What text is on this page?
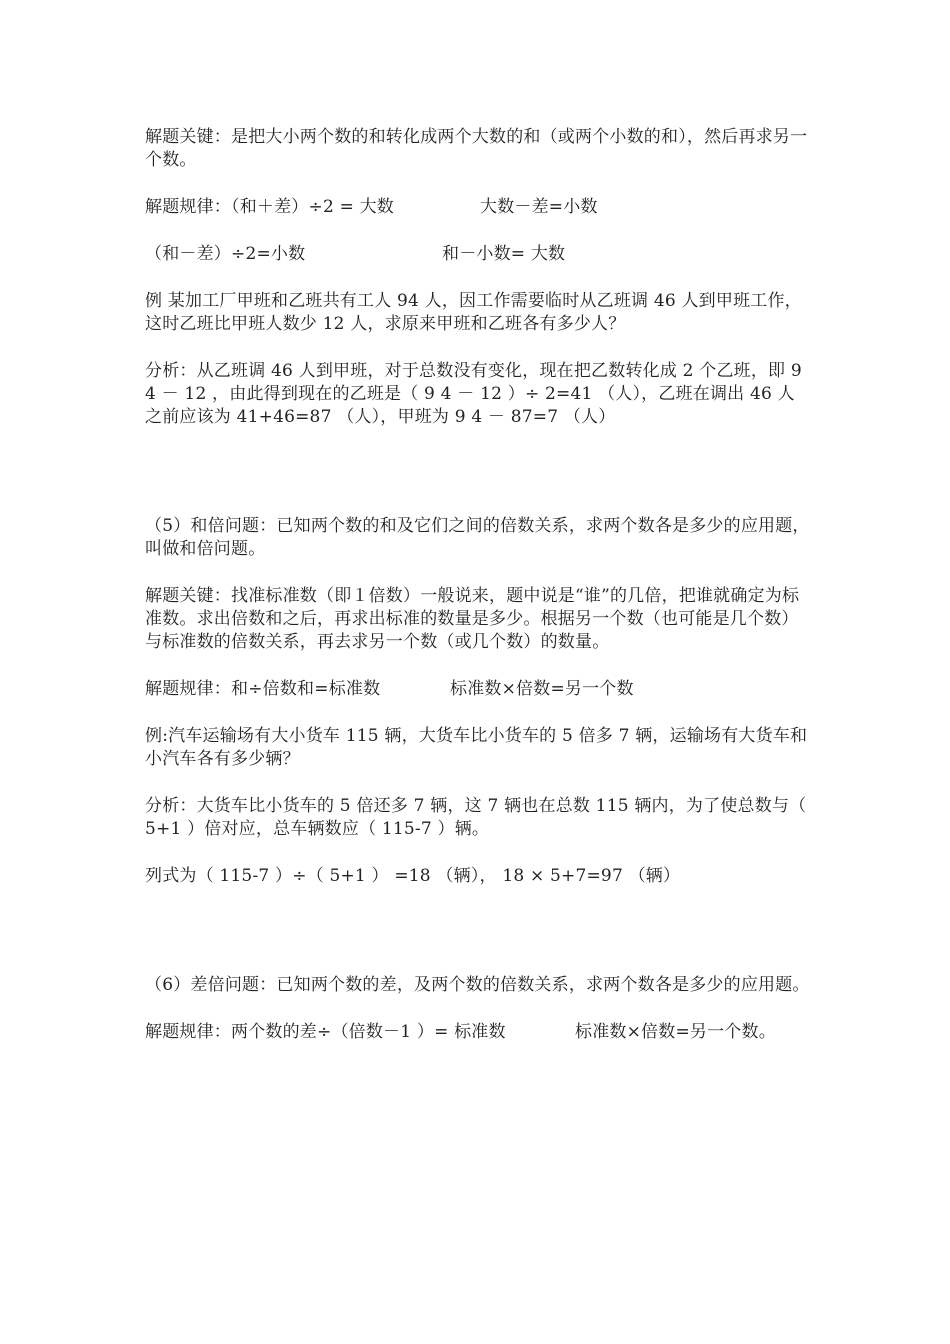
解题关键：是把大小两个数的和转化成两个大数的和（或两个小数的和），然后再求另一个数。

解题规律：（和＋差）÷2 = 大数	大数－差=小数

（和－差）÷2=小数	和－小数= 大数

例 某加工厂甲班和乙班共有工人 94 人，因工作需要临时从乙班调 46 人到甲班工作，这时乙班比甲班人数少 12 人，求原来甲班和乙班各有多少人？

分析：从乙班调 46 人到甲班，对于总数没有变化，现在把乙数转化成 2 个乙班，即 9 4 － 12 ，由此得到现在的乙班是（ 9 4 － 12 ）÷ 2=41 （人），乙班在调出 46 人之前应该为 41+46=87 （人），甲班为 9 4 － 87=7 （人）

（5）和倍问题：已知两个数的和及它们之间的倍数关系，求两个数各是多少的应用题，叫做和倍问题。

解题关键：找准标准数（即１倍数）一般说来，题中说是“谁”的几倍，把谁就确定为标准数。求出倍数和之后，再求出标准的数量是多少。根据另一个数（也可能是几个数）与标准数的倍数关系，再去求另一个数（或几个数）的数量。

解题规律：和÷倍数和=标准数	标准数×倍数=另一个数

例:汽车运输场有大小货车 115 辆，大货车比小货车的 5 倍多 7 辆，运输场有大货车和小汽车各有多少辆？

分析：大货车比小货车的 5 倍还多 7 辆，这 7 辆也在总数 115 辆内，为了使总数与（ 5+1 ）倍对应，总车辆数应（ 115-7 ）辆。

列式为（ 115-7 ）÷（ 5+1 ） =18 （辆）， 18 × 5+7=97 （辆）

（6）差倍问题：已知两个数的差，及两个数的倍数关系，求两个数各是多少的应用题。

解题规律：两个数的差÷（倍数－1 ）= 标准数	标准数×倍数=另一个数。
